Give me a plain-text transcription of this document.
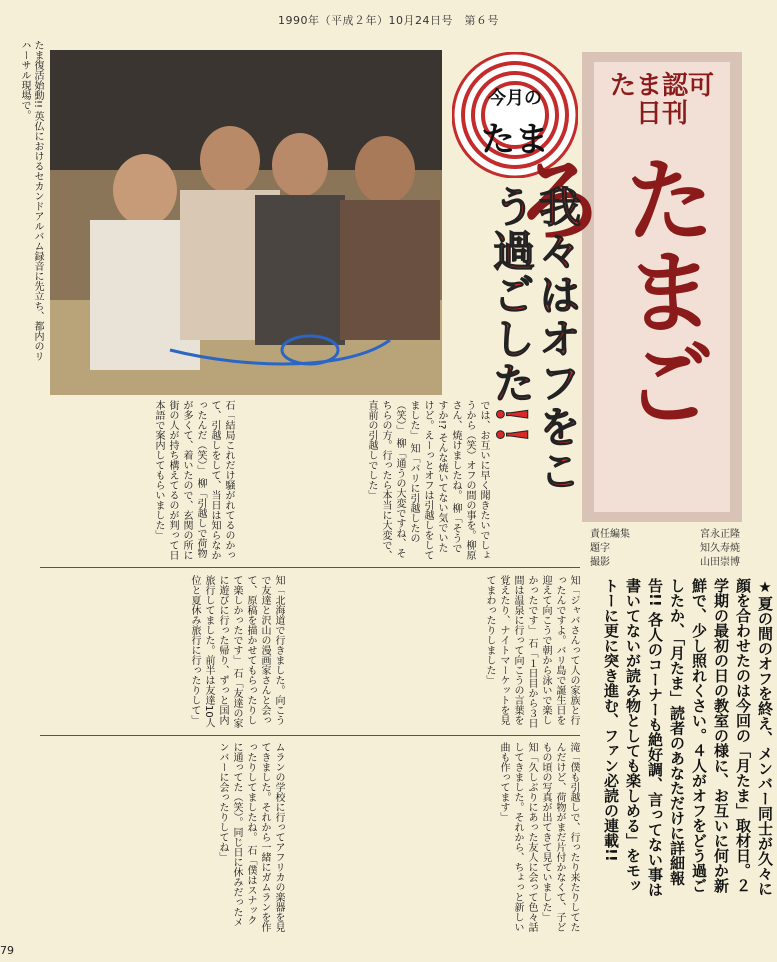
1990年（平成２年）10月24日号　第６号
たま復活始動!! 英仏におけるセカンドアルバム録音に先立ち、都内のリハーサル現場で。	今月の
たま
たま認可日刊
たまごろ
我々はオフをこう過ごした!!
責任編集	宮永正隆
題字	知久寿焼
撮影	山田崇博
★夏の間のオフを終え、メンバー同士が久々に顔を合わせたのは今回の「月たま」取材日。２学期の最初の日の教室の様に、お互いに何か新鮮で、少し照れくさい。４人がオフをどう過ごしたか、「月たま」読者のあなただけに詳細報告!! 各人のコーナーも絶好調、言ってない事は書いてないが読み物としても楽しめる」をモットーに更に突き進む、ファン必読の連載!!
では、お互いに早く聞きたいでしょうから（笑）オフの間の事を。柳原さん、焼けましたね。 柳「そうですか!? そんな焼いてない気でいたけど。えーっとオフは引越しをしてました」 知「バリに引越したの（笑）」 柳「通うの大変ですね、そちらの方。行ったら本当に大変で、直前の引越しでした」
石「結局これだけ騒がれてるのかって、引越しをして、当日は知らなかったんだ（笑）」 柳「引越しで荷物が多くて、着いたので、玄関の所に街の人が持ち構えてるのが判って日本語で案内してもらいました」
知「ジャバさんって人の家族と行ったんですよ。バリ島で誕生日を迎えて向こうで朝から泳いで楽しかったです」 石「１日目から３日間は温泉に行って向こうの言葉を覚えたり、ナイトマーケットを見てまわったりしました」
知「北海道で行きました。向こうで友達と沢山の漫画家さんと会って、原稿を描かせてもらったりして楽しかったです」 石「友達の家に遊びに行った帰り、ずっと国内旅行してました。前半は友達10人位と夏休み旅行に行ったりして」
滝「僕も引越しで、行ったり来たりしてたんだけど、荷物がまだ片付かなくて、子どもの頃の写真が出てきて見ていました」 知「久しぶりにあった友人に会って色々話してきました。それから、ちょっと新しい曲も作ってます」
ムランの学校に行ってアフリカの楽器を見てきました。それから一緒にガムランを作ったりしてましたね。 石「僕はスナックに通ってた（笑）。同じ日に休みだったメンバーに会ったりしてね」
79
